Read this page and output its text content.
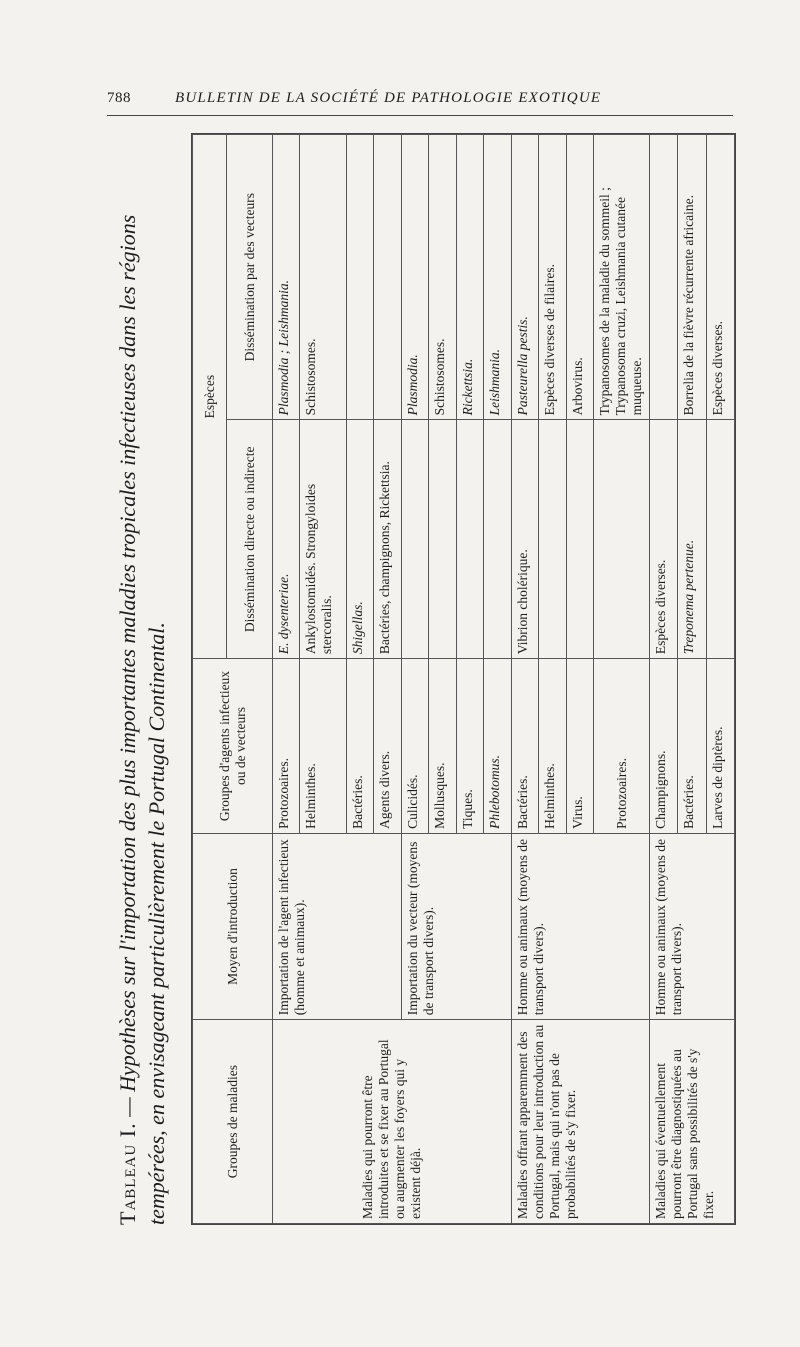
788	BULLETIN DE LA SOCIÉTÉ DE PATHOLOGIE EXOTIQUE
Tableau I. — Hypothèses sur l'importation des plus importantes maladies tropicales infectieuses dans les régions tempérées, en envisageant particulièrement le Portugal Continental.	Groupes de maladies	Moyen d'introduction	Groupes d'agents infectieux ou de vecteurs	Espèces	
			Dissémination directe ou indirecte	Dissémination par des vecteurs
Maladies qui pourront être introduites et se fixer au Portugal ou augmenter les foyers qui y existent déjà.	Importation de l'agent infectieux (homme et animaux).	Protozoaires.	E. dysenteriae.	Plasmodia ; Leishmania.
		Helminthes.	Ankylostomidés. Strongyloides stercoralis.	Schistosomes.
		Bactéries.	Shigellas.	
		Agents divers.	Bactéries, champignons, Rickettsia.	
	Importation du vecteur (moyens de transport divers).	Culicidés.		Plasmodia.
		Mollusques.		Schistosomes.
		Tiques.		Rickettsia.
		Phlebotomus.		Leishmania.
Maladies offrant apparemment des conditions pour leur introduction au Portugal, mais qui n'ont pas de probabilités de s'y fixer.	Homme ou animaux (moyens de transport divers).	Bactéries.	Vibrion cholérique.	Pasteurella pestis.
		Helminthes.		Espèces diverses de filaires.
		Virus.		Arbovirus.
		Protozoaires.		Trypanosomes de la maladie du sommeil ; Trypanosoma cruzi, Leishmania cutanée muqueuse.
Maladies qui éventuellement pourront être diagnostiquées au Portugal sans possibilités de s'y fixer.	Homme ou animaux (moyens de transport divers).	Champignons.	Espèces diverses.	
		Bactéries.	Treponema pertenue.	Borrelia de la fièvre récurrente africaine.
		Larves de diptères.		Espèces diverses.
